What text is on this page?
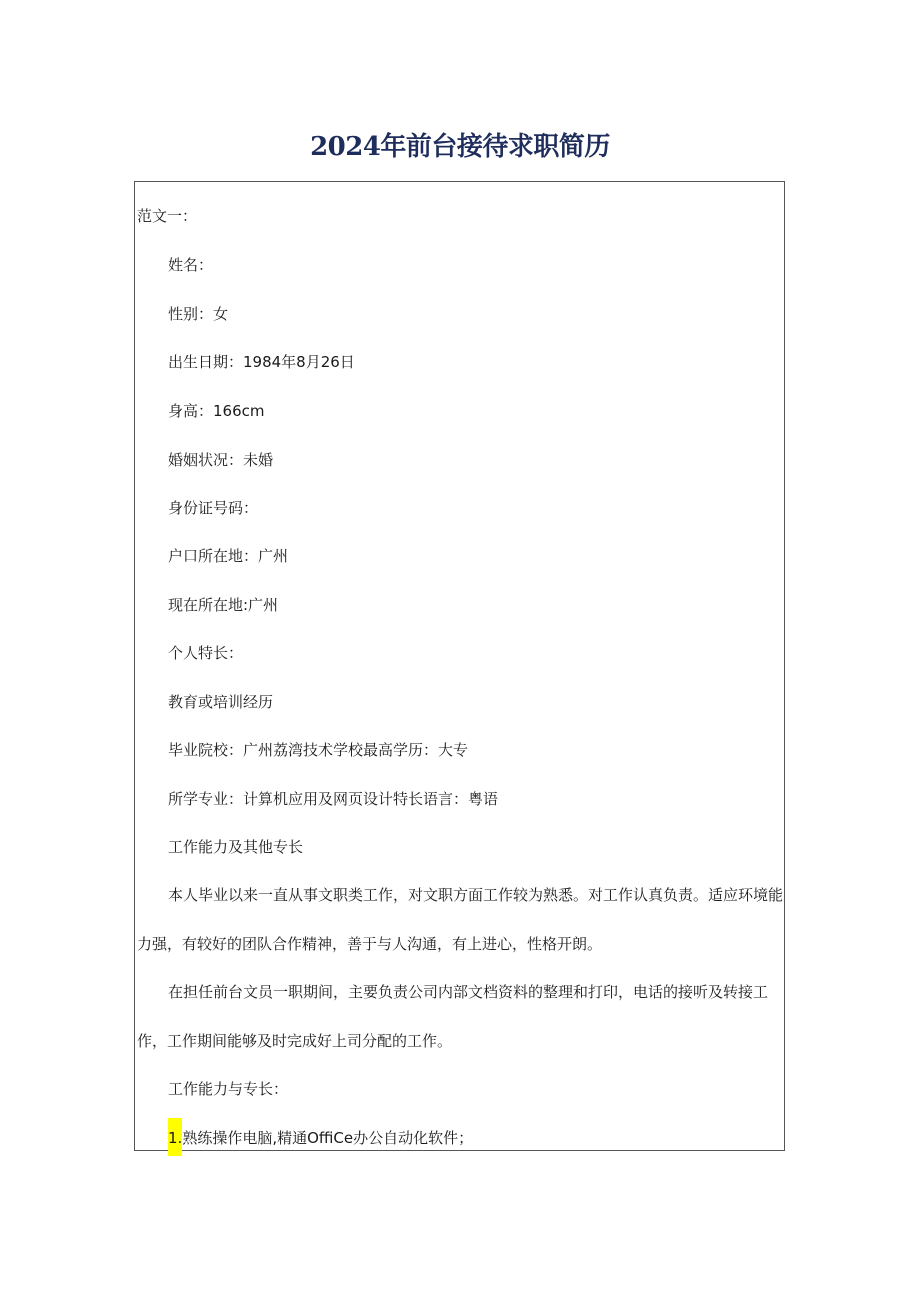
2024年前台接待求职简历
范文一：
姓名：
性别：女
出生日期：1984年8月26日
身高：166cm
婚姻状况：未婚
身份证号码：
户口所在地：广州
现在所在地:广州
个人特长：
教育或培训经历
毕业院校：广州荔湾技术学校最高学历：大专
所学专业：计算机应用及网页设计特长语言：粤语
工作能力及其他专长
本人毕业以来一直从事文职类工作，对文职方面工作较为熟悉。对工作认真负责。适应环境能
力强，有较好的团队合作精神，善于与人沟通，有上进心，性格开朗。
在担任前台文员一职期间，主要负责公司内部文档资料的整理和打印，电话的接听及转接工
作，工作期间能够及时完成好上司分配的工作。
工作能力与专长：
1.熟练操作电脑,精通OffiCe办公自动化软件；
